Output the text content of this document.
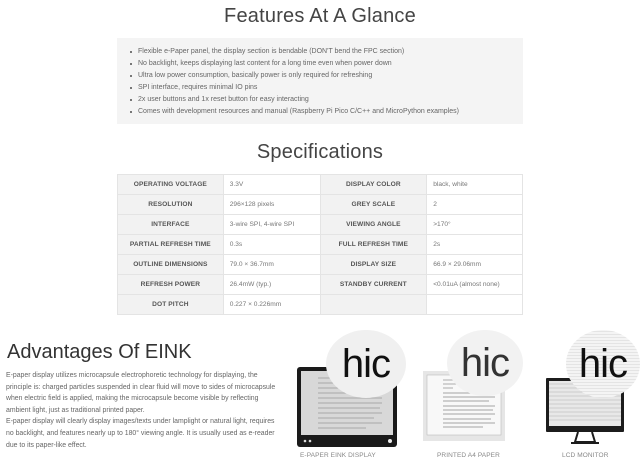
Features At A Glance
Flexible e-Paper panel, the display section is bendable (DON'T bend the FPC section)
No backlight, keeps displaying last content for a long time even when power down
Ultra low power consumption, basically power is only required for refreshing
SPI interface, requires minimal IO pins
2x user buttons and 1x reset button for easy interacting
Comes with development resources and manual (Raspberry Pi Pico C/C++ and MicroPython examples)
Specifications
OPERATING VOLTAGE	3.3V	DISPLAY COLOR	black, white
RESOLUTION	296×128 pixels	GREY SCALE	2
INTERFACE	3-wire SPI, 4-wire SPI	VIEWING ANGLE	>170°
PARTIAL REFRESH TIME	0.3s	FULL REFRESH TIME	2s
OUTLINE DIMENSIONS	79.0 × 36.7mm	DISPLAY SIZE	66.9 × 29.06mm
REFRESH POWER	26.4mW (typ.)	STANDBY CURRENT	<0.01uA (almost none)
DOT PITCH	0.227 × 0.226mm		
Advantages Of EINK

E-paper display utilizes microcapsule electrophoretic technology for displaying, the principle is: charged particles suspended in clear fluid will move to sides of microcapsule when electric field is applied, making the microcapsule become visible by reflecting ambient light, just as traditional printed paper.

E-paper display will clearly display images/texts under lamplight or natural light, requires no backlight, and features nearly up to 180° viewing angle. It is usually used as e-reader due to its paper-like effect.

hic
E-PAPER EINK DISPLAY
hic
PRINTED A4 PAPER
hic
LCD MONITOR
